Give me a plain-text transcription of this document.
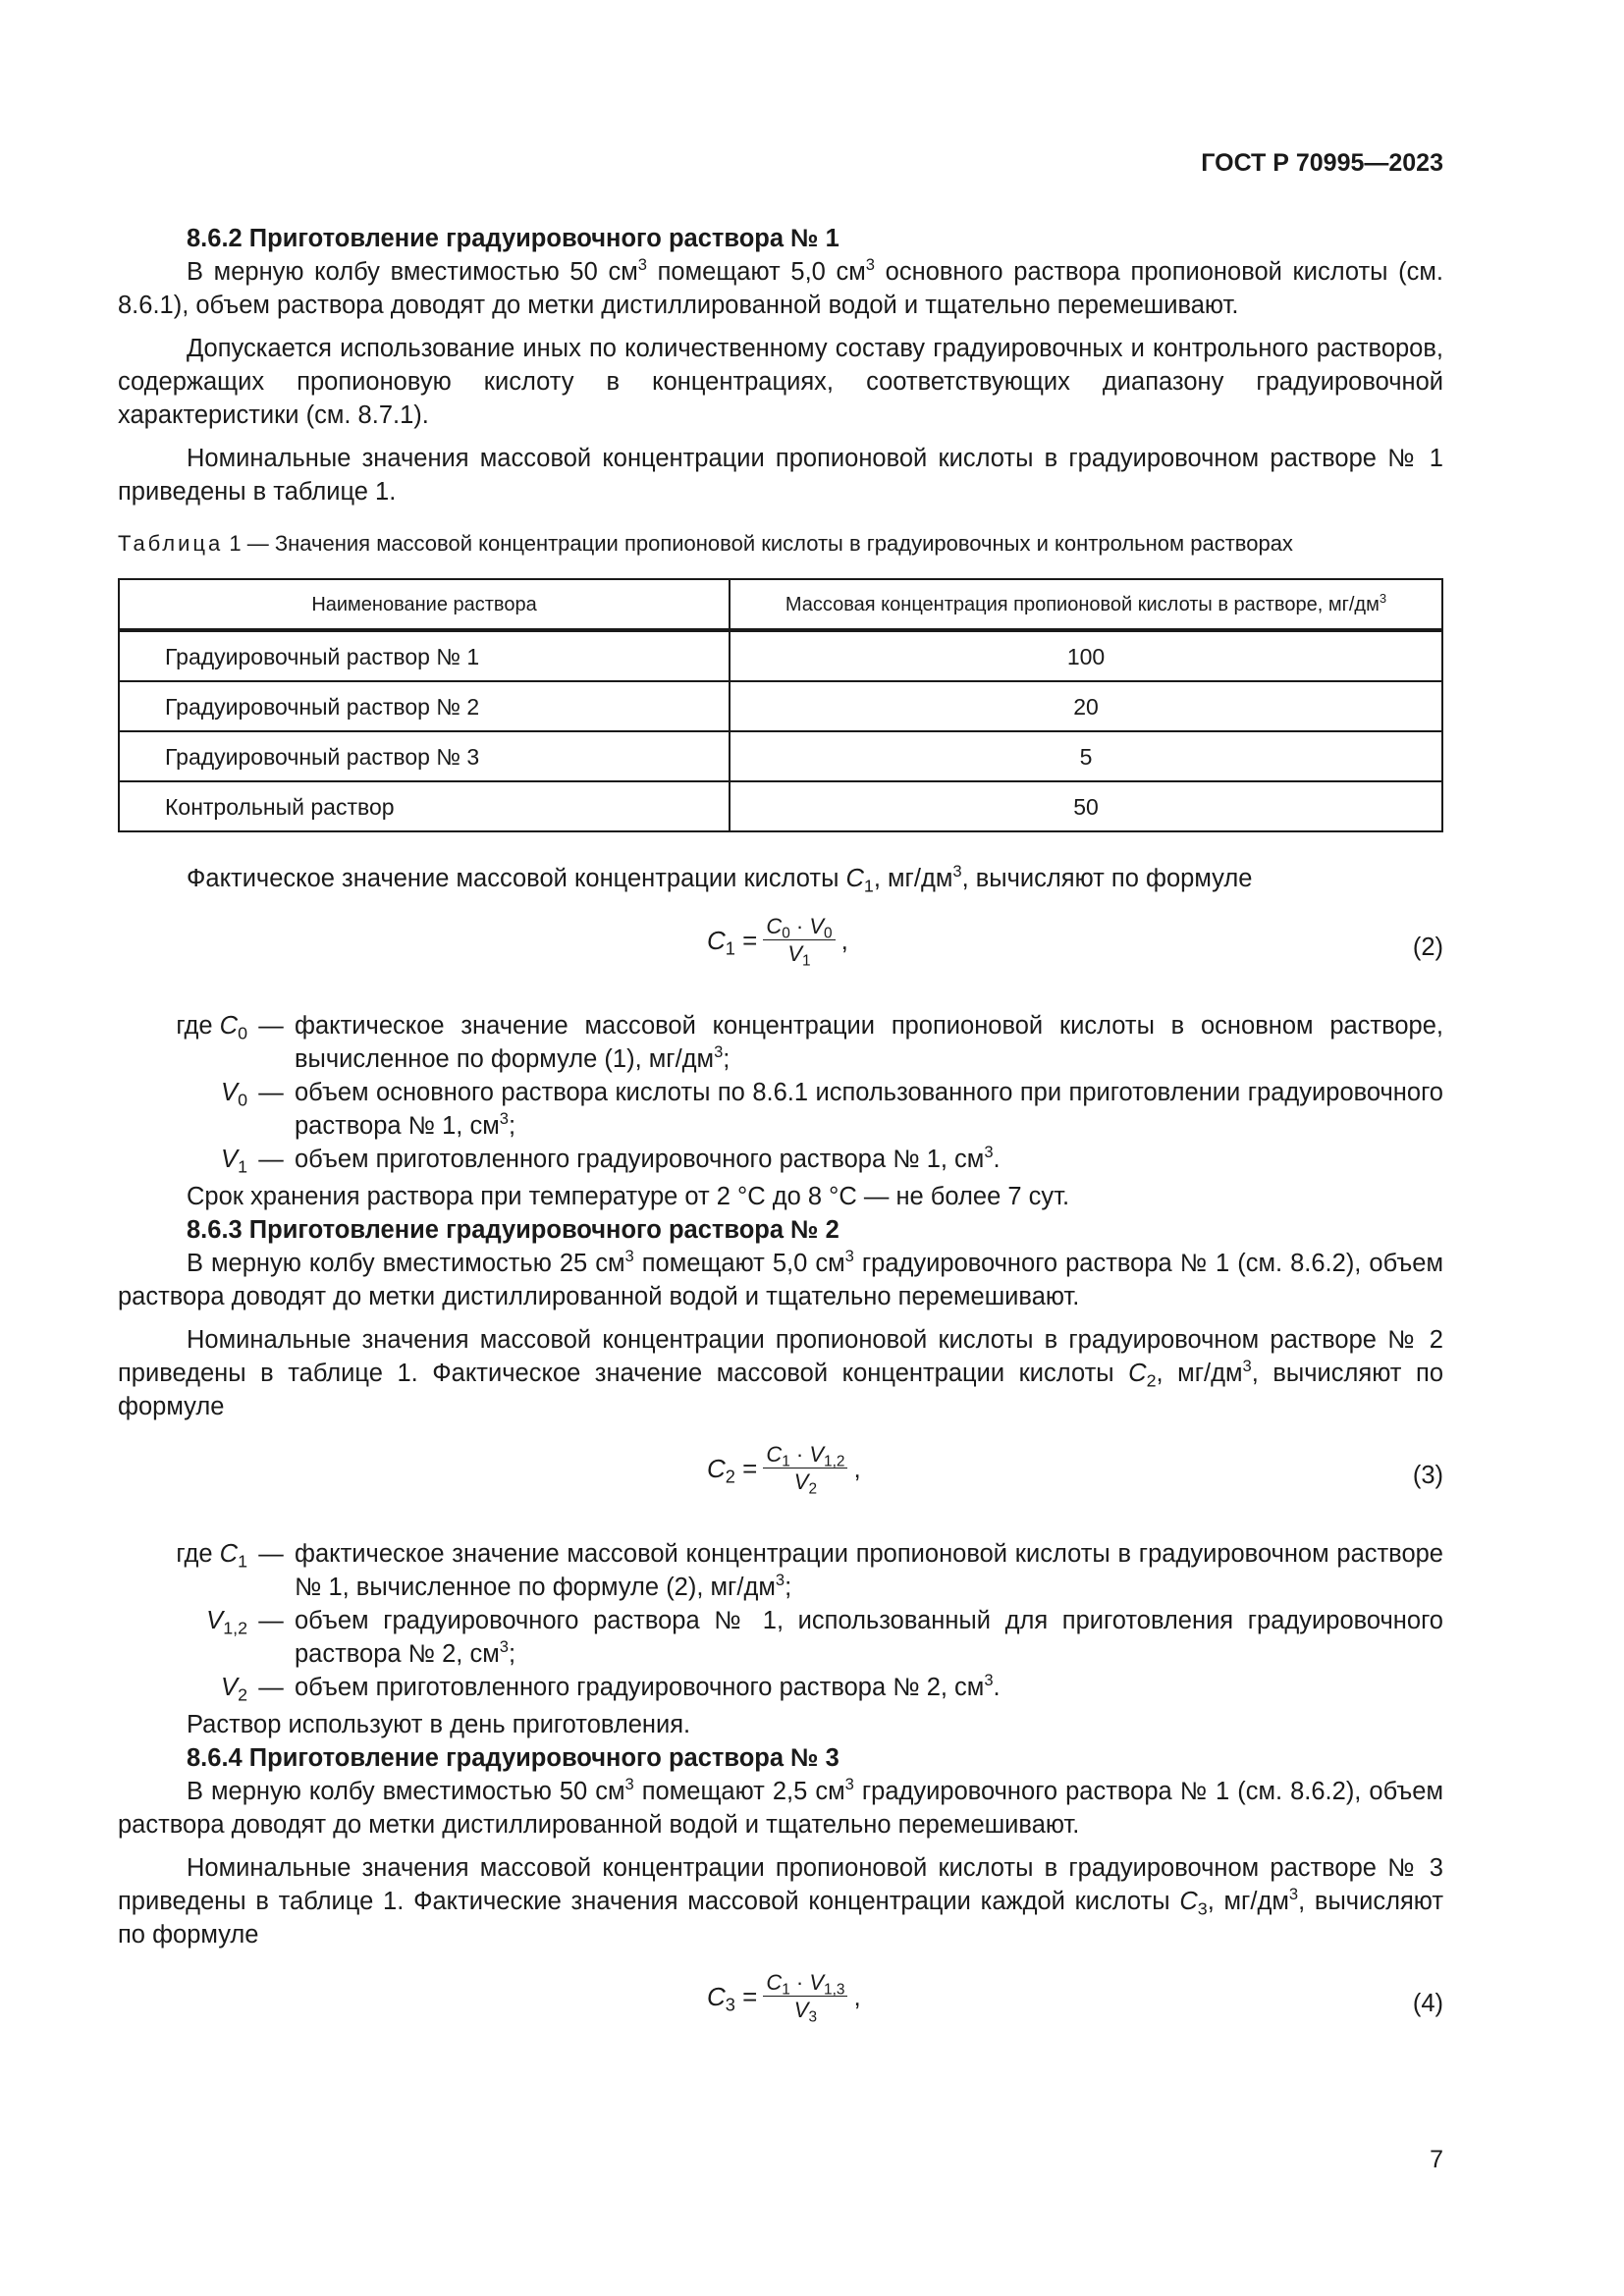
ГОСТ Р 70995—2023

8.6.2 Приготовление градуировочного раствора № 1

В мерную колбу вместимостью 50 $см^3$ помещают 5,0 $см^3$ основного раствора пропионовой кислоты (см. 8.6.1), объем раствора доводят до метки дистиллированной водой и тщательно перемешивают.

Допускается использование иных по количественному составу градуировочных и контрольного растворов, содержащих пропионовую кислоту в концентрациях, соответствующих диапазону градуировочной характеристики (см. 8.7.1).

Номинальные значения массовой концентрации пропионовой кислоты в градуировочном растворе № 1 приведены в таблице 1.

Таблица 1 — Значения массовой концентрации пропионовой кислоты в градуировочных и контрольном растворах
Наименование раствора	Массовая концентрация пропионовой кислоты в растворе, $мг/дм^3$
Градуировочный раствор № 1	100
Градуировочный раствор № 2	20
Градуировочный раствор № 3	5
Контрольный раствор	50

Фактическое значение массовой концентрации кислоты $C_1$, $мг/дм^3$, вычисляют по формуле

$C_1 = \frac{C_0 \cdot V_0}{V_1}$ ,	(2)
где $C_0$ — фактическое значение массовой концентрации пропионовой кислоты в основном растворе, вычисленное по формуле (1), $мг/дм^3$;
$V_0$ — объем основного раствора кислоты по 8.6.1 использованного при приготовлении градуировочного раствора № 1, $см^3$;
$V_1$ — объем приготовленного градуировочного раствора № 1, $см^3$.

Срок хранения раствора при температуре от 2 °С до 8 °С — не более 7 сут.

8.6.3 Приготовление градуировочного раствора № 2

В мерную колбу вместимостью 25 $см^3$ помещают 5,0 $см^3$ градуировочного раствора № 1 (см. 8.6.2), объем раствора доводят до метки дистиллированной водой и тщательно перемешивают.

Номинальные значения массовой концентрации пропионовой кислоты в градуировочном растворе № 2 приведены в таблице 1. Фактическое значение массовой концентрации кислоты $C_2$, $мг/дм^3$, вычисляют по формуле

$C_2 = \frac{C_1 \cdot V_{1,2}}{V_2}$ ,	(3)
где $C_1$ — фактическое значение массовой концентрации пропионовой кислоты в градуировочном растворе № 1, вычисленное по формуле (2), $мг/дм^3$;
$V_{1,2}$ — объем градуировочного раствора № 1, использованный для приготовления градуировочного раствора № 2, $см^3$;
$V_2$ — объем приготовленного градуировочного раствора № 2, $см^3$.

Раствор используют в день приготовления.

8.6.4 Приготовление градуировочного раствора № 3

В мерную колбу вместимостью 50 $см^3$ помещают 2,5 $см^3$ градуировочного раствора № 1 (см. 8.6.2), объем раствора доводят до метки дистиллированной водой и тщательно перемешивают.

Номинальные значения массовой концентрации пропионовой кислоты в градуировочном растворе № 3 приведены в таблице 1. Фактические значения массовой концентрации каждой кислоты $C_3$, $мг/дм^3$, вычисляют по формуле

$C_3 = \frac{C_1 \cdot V_{1,3}}{V_3}$ ,	(4)
7
